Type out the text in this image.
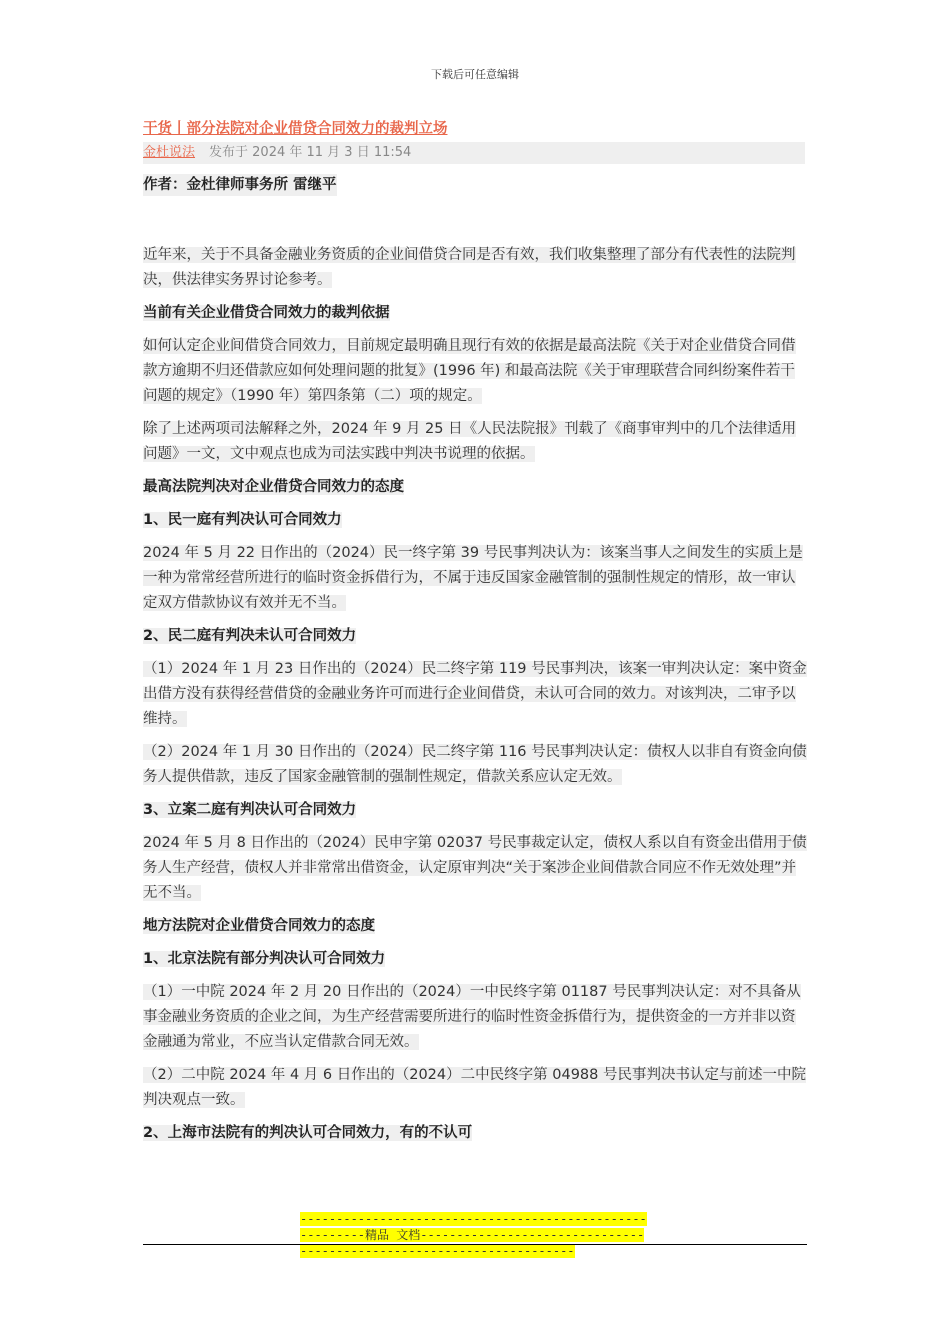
下载后可任意编辑
干货丨部分法院对企业借贷合同效力的裁判立场
金杜说法 发布于 2024 年 11 月 3 日 11:54
作者：金杜律师事务所 雷继平

近年来，关于不具备金融业务资质的企业间借贷合同是否有效，我们收集整理了部分有代表性的法院判决，供法律实务界讨论参考。

当前有关企业借贷合同效力的裁判依据

如何认定企业间借贷合同效力，目前规定最明确且现行有效的依据是最高法院《关于对企业借贷合同借款方逾期不归还借款应如何处理问题的批复》(1996 年) 和最高法院《关于审理联营合同纠纷案件若干问题的规定》（1990 年）第四条第（二）项的规定。

除了上述两项司法解释之外，2024 年 9 月 25 日《人民法院报》刊载了《商事审判中的几个法律适用问题》一文，文中观点也成为司法实践中判决书说理的依据。

最高法院判决对企业借贷合同效力的态度
1、民一庭有判决认可合同效力

2024 年 5 月 22 日作出的（2024）民一终字第 39 号民事判决认为：该案当事人之间发生的实质上是一种为常常经营所进行的临时资金拆借行为，不属于违反国家金融管制的强制性规定的情形，故一审认定双方借款协议有效并无不当。

2、民二庭有判决未认可合同效力

（1）2024 年 1 月 23 日作出的（2024）民二终字第 119 号民事判决，该案一审判决认定：案中资金出借方没有获得经营借贷的金融业务许可而进行企业间借贷，未认可合同的效力。对该判决，二审予以维持。

（2）2024 年 1 月 30 日作出的（2024）民二终字第 116 号民事判决认定：债权人以非自有资金向债务人提供借款，违反了国家金融管制的强制性规定，借款关系应认定无效。

3、立案二庭有判决认可合同效力

2024 年 5 月 8 日作出的（2024）民申字第 02037 号民事裁定认定，债权人系以自有资金出借用于债务人生产经营，债权人并非常常出借资金，认定原审判决“关于案涉企业间借款合同应不作无效处理”并无不当。

地方法院对企业借贷合同效力的态度
1、北京法院有部分判决认可合同效力

（1）一中院 2024 年 2 月 20 日作出的（2024）一中民终字第 01187 号民事判决认定：对不具备从事金融业务资质的企业之间，为生产经营需要所进行的临时性资金拆借行为，提供资金的一方并非以资金融通为常业，不应当认定借款合同无效。

（2）二中院 2024 年 4 月 6 日作出的（2024）二中民终字第 04988 号民事判决书认定与前述一中院判决观点一致。

2、上海市法院有的判决认可合同效力，有的不认可
---------------------------------------------------------精品 文档---------------------------------------------------------------------
